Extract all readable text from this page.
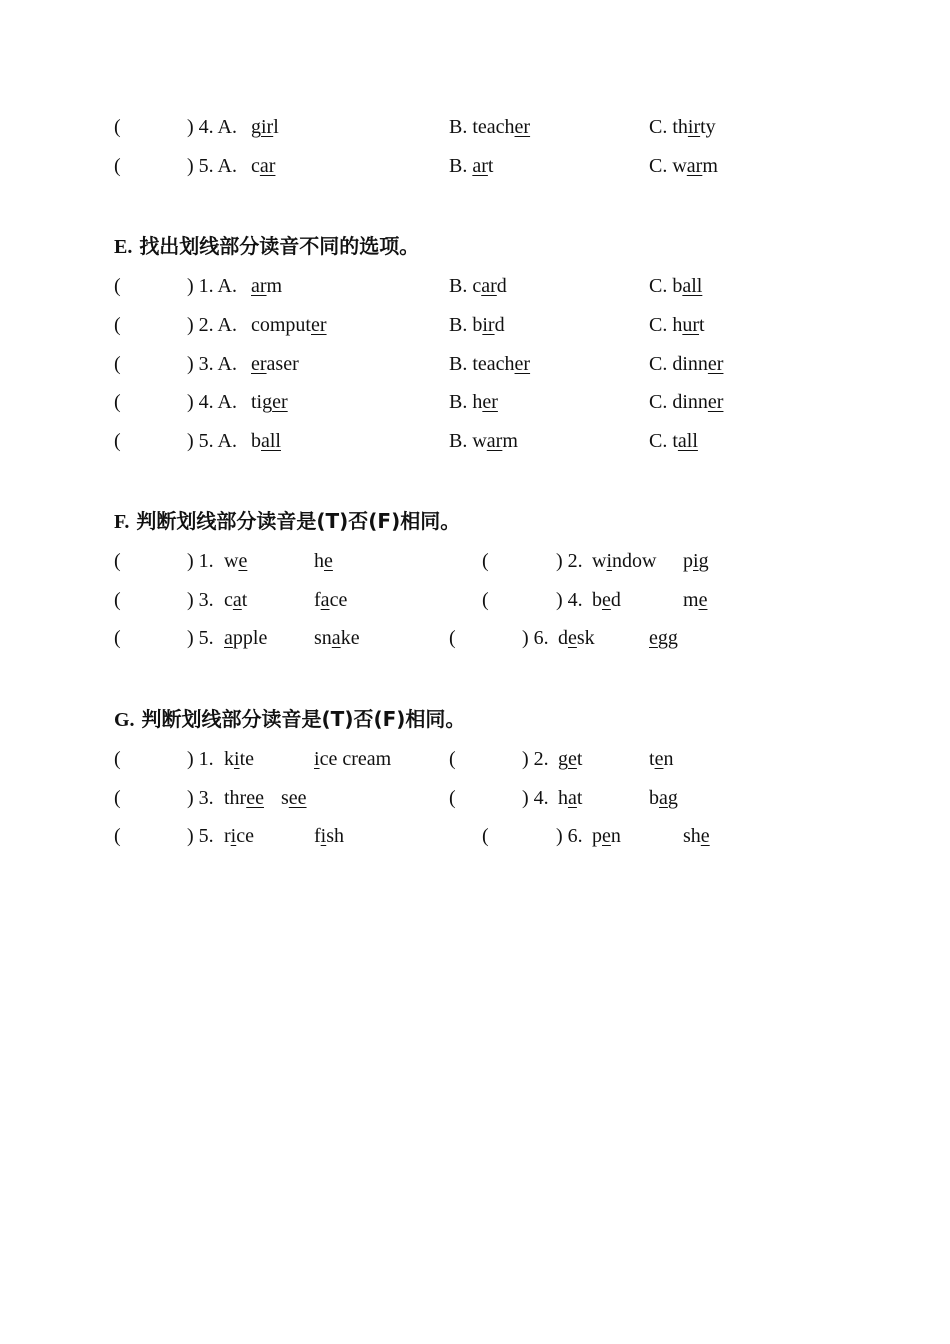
(	) 4. A. girl	B. teacher	C. thirty
(	) 5. A. car	B. art	C. warm
E. 找出划线部分读音不同的选项。
(	) 1. A. arm	B. card	C. ball
(	) 2. A. computer	B. bird	C. hurt
(	) 3. A. eraser	B. teacher	C. dinner
(	) 4. A. tiger	B. her	C. dinner
(	) 5. A. ball	B. warm	C. tall
F. 判断划线部分读音是(T)否(F)相同。
(	) 1. we	he	(	) 2. window pig
(	) 3. cat	face	(	) 4. bed	me
(	) 5. apple snake	(	) 6. desk	egg
G. 判断划线部分读音是(T)否(F)相同。
(	) 1. kite	ice cream	(	) 2. get	ten
(	) 3. three see	(	) 4. hat	bag
(	) 5. rice	fish	(	) 6. pen	she
